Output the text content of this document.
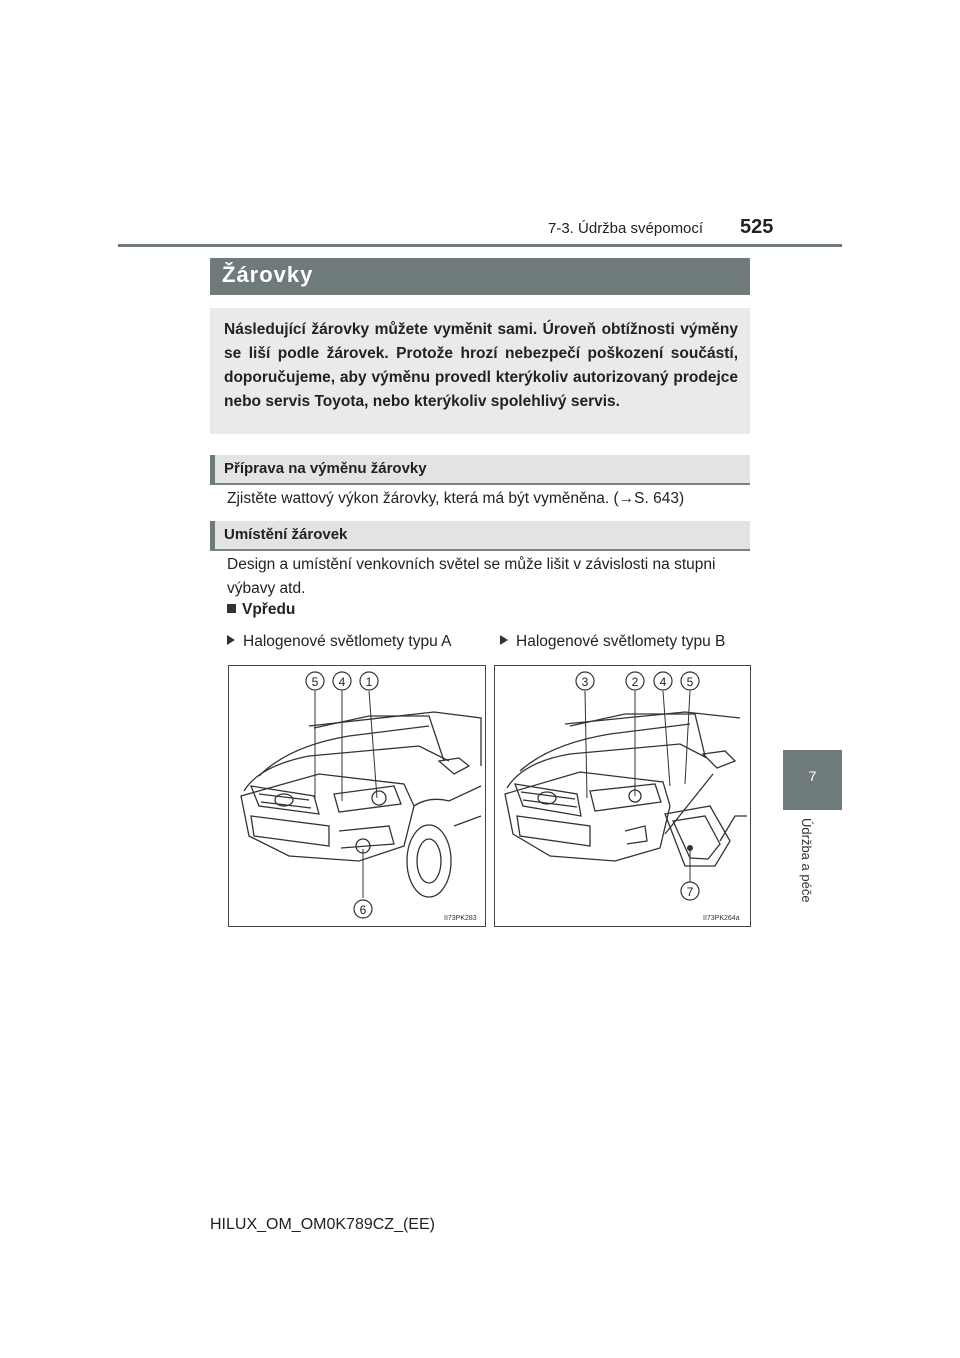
7-3. Údržba svépomocí 525
7
Údržba a péče
Žárovky
Následující žárovky můžete vyměnit sami. Úroveň obtížnosti výměny se liší podle žárovek. Protože hrozí nebezpečí poškození součástí, doporučujeme, aby výměnu provedl kterýkoliv autorizovaný prodejce nebo servis Toyota, nebo kterýkoliv spolehlivý servis.
Příprava na výměnu žárovky
Zjistěte wattový výkon žárovky, která má být vyměněna. (→S. 643)
Umístění žárovek
Design a umístění venkovních světel se může lišit v závislosti na stupni výbavy atd.
Vpředu
Halogenové světlomety typu A	Halogenové světlomety typu B
5 4 1
6
II73PK283
3	2 4 5
7
II73PK264a
HILUX_OM_OM0K789CZ_(EE)
